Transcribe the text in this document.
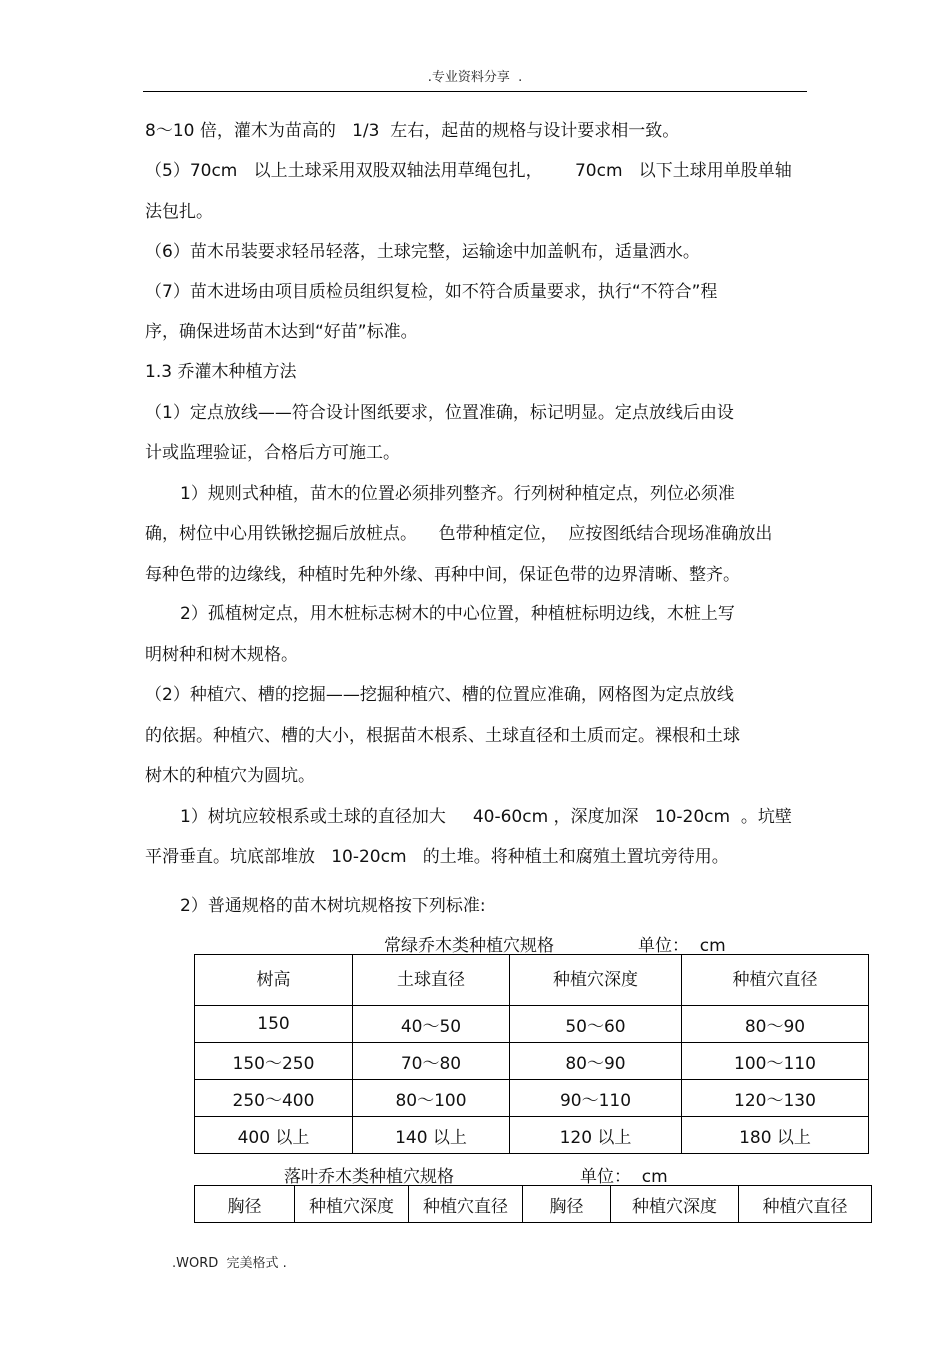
.专业资料分享  .
8～10 倍，灌木为苗高的   1/3  左右，起苗的规格与设计要求相一致。
（5）70cm   以上土球采用双股双轴法用草绳包扎，      70cm   以下土球用单股单轴
法包扎。
（6）苗木吊装要求轻吊轻落，土球完整，运输途中加盖帆布，适量洒水。
（7）苗木进场由项目质检员组织复检，如不符合质量要求，执行“不符合”程
序，确保进场苗木达到“好苗”标准。
1.3 乔灌木种植方法
（1）定点放线——符合设计图纸要求，位置准确，标记明显。定点放线后由设
计或监理验证，合格后方可施工。
1）规则式种植，苗木的位置必须排列整齐。行列树种植定点，列位必须准
确，树位中心用铁锹挖掘后放桩点。    色带种植定位，  应按图纸结合现场准确放出
每种色带的边缘线，种植时先种外缘、再种中间，保证色带的边界清晰、整齐。
2）孤植树定点，用木桩标志树木的中心位置，种植桩标明边线，木桩上写
明树种和树木规格。
（2）种植穴、槽的挖掘——挖掘种植穴、槽的位置应准确，网格图为定点放线
的依据。种植穴、槽的大小，根据苗木根系、土球直径和土质而定。裸根和土球
树木的种植穴为圆坑。
1）树坑应较根系或土球的直径加大     40-60cm ，深度加深   10-20cm  。坑壁
平滑垂直。坑底部堆放   10-20cm   的土堆。将种植土和腐殖土置坑旁待用。
2）普通规格的苗木树坑规格按下列标准:
常绿乔木类种植穴规格	单位：  cm
树高	土球直径	种植穴深度	种植穴直径
150	40～50	50～60	80～90
150～250	70～80	80～90	100～110
250～400	80～100	90～110	120～130
400 以上	140 以上	120 以上	180 以上
落叶乔木类种植穴规格	单位：  cm
胸径	种植穴深度	种植穴直径	胸径	种植穴深度	种植穴直径
.WORD  完美格式 .
